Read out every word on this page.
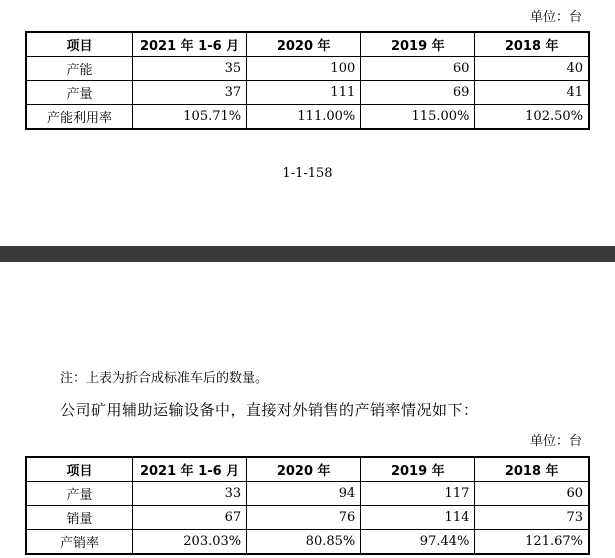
单位：台
项目	2021 年 1-6 月	2020 年	2019 年	2018 年
产能	35	100	60	40
产量	37	111	69	41
产能利用率	105.71%	111.00%	115.00%	102.50%
1-1-158
注：上表为折合成标准车后的数量。
公司矿用辅助运输设备中，直接对外销售的产销率情况如下：
单位：台
项目	2021 年 1-6 月	2020 年	2019 年	2018 年
产量	33	94	117	60
销量	67	76	114	73
产销率	203.03%	80.85%	97.44%	121.67%
